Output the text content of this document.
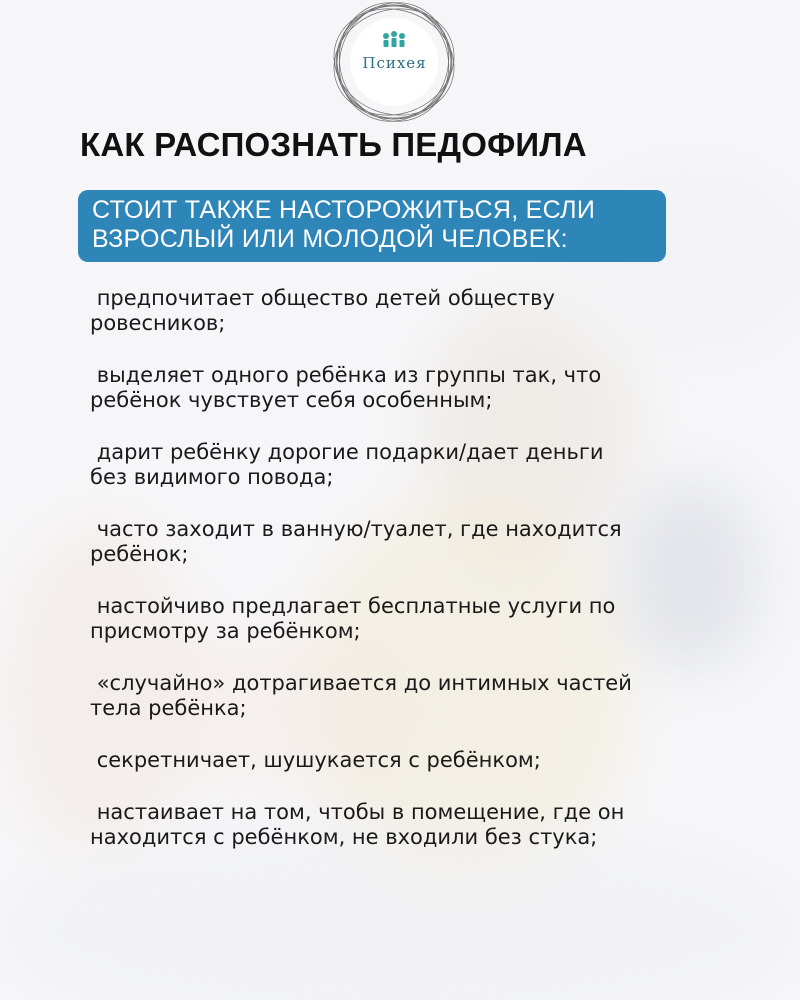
Психея
КАК РАСПОЗНАТЬ ПЕДОФИЛА
СТОИТ ТАКЖЕ НАСТОРОЖИТЬСЯ, ЕСЛИ
ВЗРОСЛЫЙ ИЛИ МОЛОДОЙ ЧЕЛОВЕК:
предпочитает общество детей обществу
ровесников;
выделяет одного ребёнка из группы так, что
ребёнок чувствует себя особенным;
дарит ребёнку дорогие подарки/дает деньги
без видимого повода;
часто заходит в ванную/туалет, где находится
ребёнок;
настойчиво предлагает бесплатные услуги по
присмотру за ребёнком;
«случайно» дотрагивается до интимных частей
тела ребёнка;
секретничает, шушукается с ребёнком;
настаивает на том, чтобы в помещение, где он
находится с ребёнком, не входили без стука;
